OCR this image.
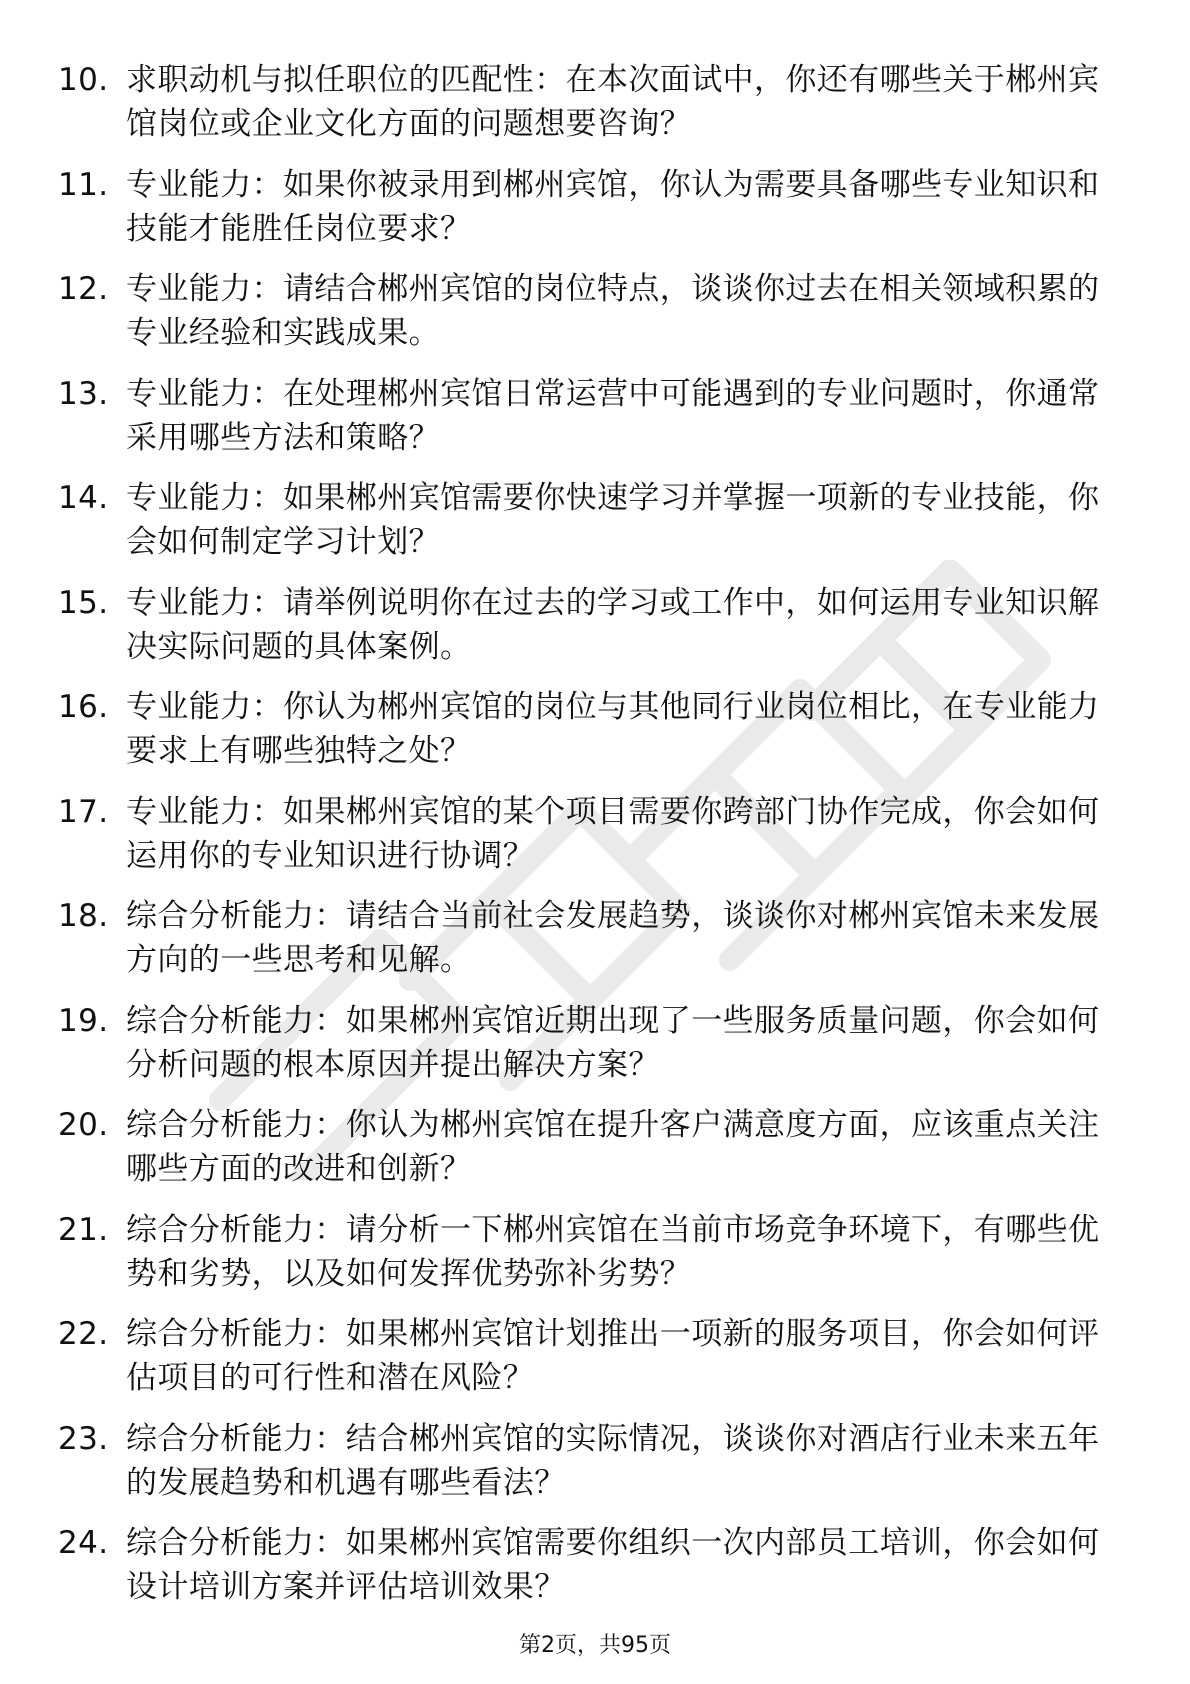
10. 求职动机与拟任职位的匹配性：在本次面试中，你还有哪些关于郴州宾馆岗位或企业文化方面的问题想要咨询？
11. 专业能力：如果你被录用到郴州宾馆，你认为需要具备哪些专业知识和技能才能胜任岗位要求？
12. 专业能力：请结合郴州宾馆的岗位特点，谈谈你过去在相关领域积累的专业经验和实践成果。
13. 专业能力：在处理郴州宾馆日常运营中可能遇到的专业问题时，你通常采用哪些方法和策略？
14. 专业能力：如果郴州宾馆需要你快速学习并掌握一项新的专业技能，你会如何制定学习计划？
15. 专业能力：请举例说明你在过去的学习或工作中，如何运用专业知识解决实际问题的具体案例。
16. 专业能力：你认为郴州宾馆的岗位与其他同行业岗位相比，在专业能力要求上有哪些独特之处？
17. 专业能力：如果郴州宾馆的某个项目需要你跨部门协作完成，你会如何运用你的专业知识进行协调？
18. 综合分析能力：请结合当前社会发展趋势，谈谈你对郴州宾馆未来发展方向的一些思考和见解。
19. 综合分析能力：如果郴州宾馆近期出现了一些服务质量问题，你会如何分析问题的根本原因并提出解决方案？
20. 综合分析能力：你认为郴州宾馆在提升客户满意度方面，应该重点关注哪些方面的改进和创新？
21. 综合分析能力：请分析一下郴州宾馆在当前市场竞争环境下，有哪些优势和劣势，以及如何发挥优势弥补劣势？
22. 综合分析能力：如果郴州宾馆计划推出一项新的服务项目，你会如何评估项目的可行性和潜在风险？
23. 综合分析能力：结合郴州宾馆的实际情况，谈谈你对酒店行业未来五年的发展趋势和机遇有哪些看法？
24. 综合分析能力：如果郴州宾馆需要你组织一次内部员工培训，你会如何设计培训方案并评估培训效果？
第2页，共95页
